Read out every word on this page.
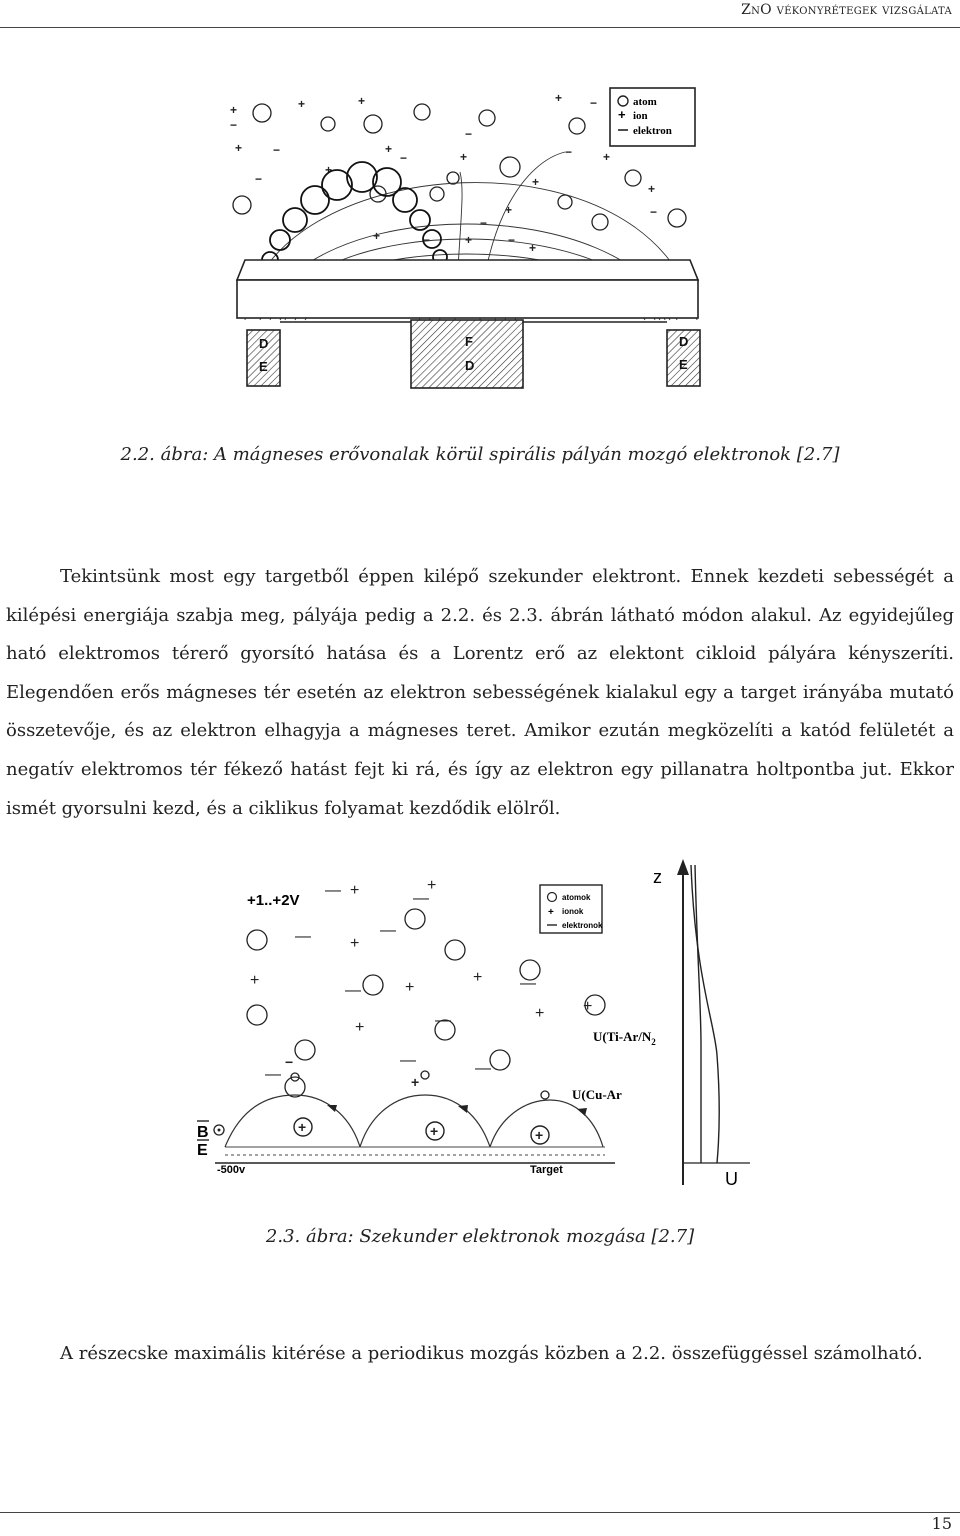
ZnO vékonyrétegek vizsgálata
atom
+ ion
elektron
+	+	+
+	+
+
+
+
+
+
+
+
−
−
−
−
−
+
−
−
−
−
+	−
−
+
D
E
F
D
D
E
2.2. ábra: A mágneses erővonalak körül spirális pályán mozgó elektronok [2.7]
Tekintsünk most egy targetből éppen kilépő szekunder elektront. Ennek kezdeti sebességét a kilépési energiája szabja meg, pályája pedig a 2.2. és 2.3. ábrán látható módon alakul. Az egyidejűleg ható elektromos térerő gyorsító hatása és a Lorentz erő az elektont cikloid pályára kényszeríti. Elegendően erős mágneses tér esetén az elektron sebességének kialakul egy a target irányába mutató összetevője, és az elektron elhagyja a mágneses teret. Amikor ezután megközelíti a katód felületét a negatív elektromos tér fékező hatást fejt ki rá, és így az elektron egy pillanatra holtpontba jut. Ekkor ismét gyorsulni kezd, és a ciklikus folyamat kezdődik elölről.
+1..+2V	atomok
+ ionok
elektronok
— +	+
—
— +
—
+
—	+
+ —
+	—	+ +
—
—	—
+	+	+
+
−
B
E
-500v	Target
z
U
$U(Ti-Ar/N_2$
U(Cu-Ar
2.3. ábra: Szekunder elektronok mozgása [2.7]
A részecske maximális kitérése a periodikus mozgás közben a 2.2. összefüggéssel számolható.
15
